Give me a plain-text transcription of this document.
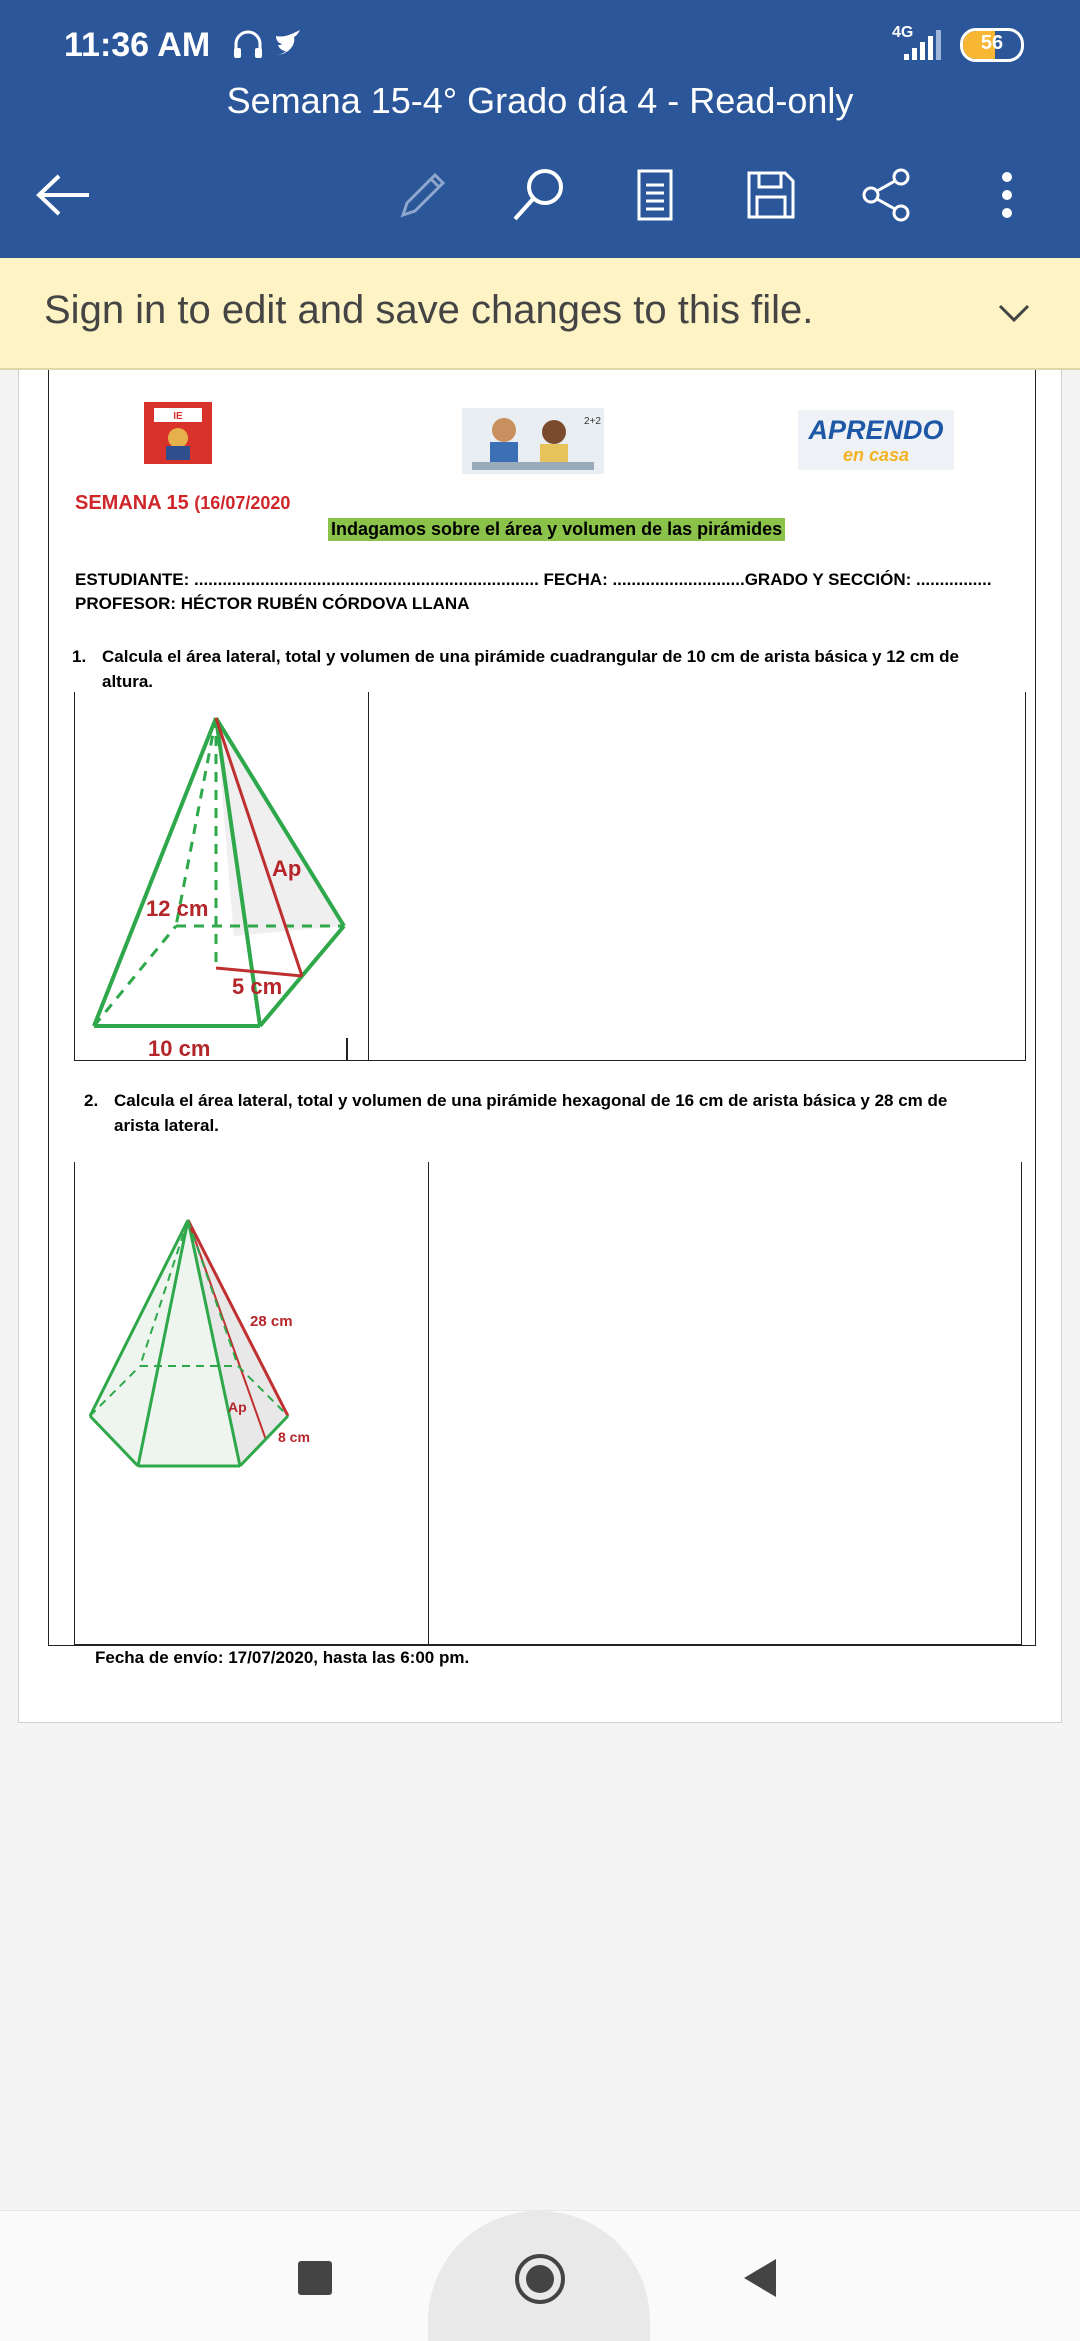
11:36 AM	4G	56
Semana 15-4° Grado día 4 - Read-only
Sign in to edit and save changes to this file.
IE	2+2	APRENDO
en casa
SEMANA 15 (16/07/2020
Indagamos sobre el área y volumen de las pirámides
ESTUDIANTE: ......................................................................... FECHA: ............................GRADO Y SECCIÓN: ................
PROFESOR: HÉCTOR RUBÉN CÓRDOVA LLANA
1. Calcula el área lateral, total y volumen de una pirámide cuadrangular de 10 cm de arista básica y 12 cm de
altura.
Ap
12 cm
5 cm
10 cm
2. Calcula el área lateral, total y volumen de una pirámide hexagonal de 16 cm de arista básica y 28 cm de
arista lateral.
28 cm
Ap
8 cm
Fecha de envío: 17/07/2020, hasta las 6:00 pm.
